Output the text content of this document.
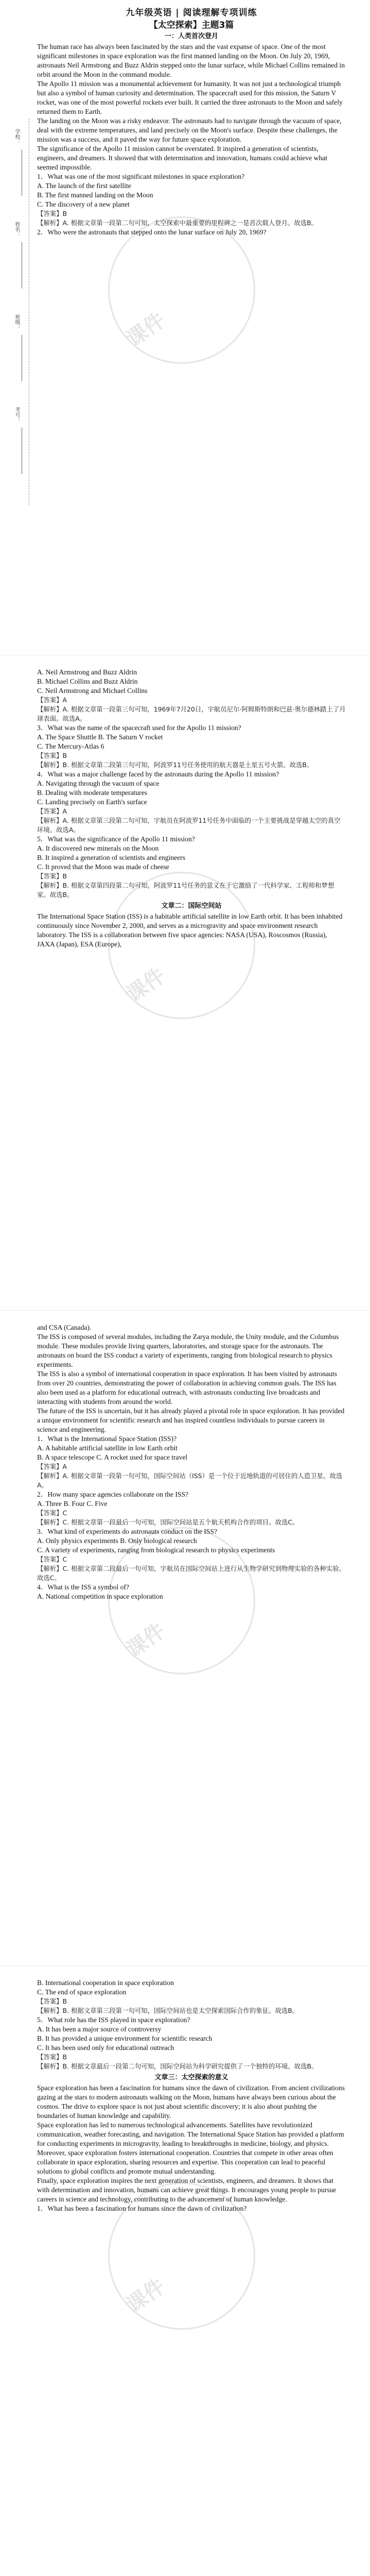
课件
学校：
姓名：
班级：
考号：
九年级英语 | 阅读理解专项训练
【太空探索】主题3篇
一：人类首次登月

The human race has always been fascinated by the stars and the vast expanse of space. One of the most significant milestones in space exploration was the first manned landing on the Moon. On July 20, 1969, astronauts Neil Armstrong and Buzz Aldrin stepped onto the lunar surface, while Michael Collins remained in orbit around the Moon in the command module.

The Apollo 11 mission was a monumental achievement for humanity. It was not just a technological triumph but also a symbol of human curiosity and determination. The spacecraft used for this mission, the Saturn V rocket, was one of the most powerful rockets ever built. It carried the three astronauts to the Moon and safely returned them to Earth.

The landing on the Moon was a risky endeavor. The astronauts had to navigate through the vacuum of space, deal with the extreme temperatures, and land precisely on the Moon's surface. Despite these challenges, the mission was a success, and it paved the way for future space exploration.

The significance of the Apollo 11 mission cannot be overstated. It inspired a generation of scientists, engineers, and dreamers. It showed that with determination and innovation, humans could achieve what seemed impossible.

1．What was one of the most significant milestones in space exploration?

A. The launch of the first satellite

B. The first manned landing on the Moon

C. The discovery of a new planet

【答案】B

【解析】A. 根据文章第一段第二句可知，太空探索中最重要的里程碑之一是首次载人登月。故选B。

2．Who were the astronauts that stepped onto the lunar surface on July 20, 1969?

课件

A. Neil Armstrong and Buzz Aldrin

B. Michael Collins and Buzz Aldrin

C. Neil Armstrong and Michael Collins

【答案】A

【解析】A. 根据文章第一段第三句可知，1969年7月20日，宇航员尼尔·阿姆斯特朗和巴兹·奥尔德林踏上了月球表面。故选A。

3．What was the name of the spacecraft used for the Apollo 11 mission?

A. The Space Shuttle B. The Saturn V rocket

C. The Mercury-Atlas 6

【答案】B

【解析】B. 根据文章第二段第三句可知，阿波罗11号任务使用的航天器是土星五号火箭。故选B。

4．What was a major challenge faced by the astronauts during the Apollo 11 mission?

A. Navigating through the vacuum of space

B. Dealing with moderate temperatures

C. Landing precisely on Earth's surface

【答案】A

【解析】A. 根据文章第三段第二句可知，宇航员在阿波罗11号任务中面临的一个主要挑战是穿越太空的真空环境。故选A。

5．What was the significance of the Apollo 11 mission?

A. It discovered new minerals on the Moon

B. It inspired a generation of scientists and engineers

C. It proved that the Moon was made of cheese

【答案】B

【解析】B. 根据文章第四段第二句可知，阿波罗11号任务的意义在于它激励了一代科学家、工程师和梦想家。故选B。

文章二：国际空间站

The International Space Station (ISS) is a habitable artificial satellite in low Earth orbit. It has been inhabited continuously since November 2, 2000, and serves as a microgravity and space environment research laboratory. The ISS is a collaboration between five space agencies: NASA (USA), Roscosmos (Russia), JAXA (Japan), ESA (Europe),

课件

and CSA (Canada).

The ISS is composed of several modules, including the Zarya module, the Unity module, and the Columbus module. These modules provide living quarters, laboratories, and storage space for the astronauts. The astronauts on board the ISS conduct a variety of experiments, ranging from biological research to physics experiments.

The ISS is also a symbol of international cooperation in space exploration. It has been visited by astronauts from over 20 countries, demonstrating the power of collaboration in achieving common goals. The ISS has also been used as a platform for educational outreach, with astronauts conducting live broadcasts and interacting with students from around the world.

The future of the ISS is uncertain, but it has already played a pivotal role in space exploration. It has provided a unique environment for scientific research and has inspired countless individuals to pursue careers in science and engineering.

1．What is the International Space Station (ISS)?

A. A habitable artificial satellite in low Earth orbit

B. A space telescope C. A rocket used for space travel

【答案】A

【解析】A. 根据文章第一段第一句可知，国际空间站（ISS）是一个位于近地轨道的可居住的人造卫星。故选A。

2．How many space agencies collaborate on the ISS?

A. Three B. Four C. Five

【答案】C

【解析】C. 根据文章第一段最后一句可知，国际空间站是五个航天机构合作的项目。故选C。

3．What kind of experiments do astronauts conduct on the ISS?

A. Only physics experiments B. Only biological research

C. A variety of experiments, ranging from biological research to physics experiments

【答案】C

【解析】C. 根据文章第二段最后一句可知，宇航员在国际空间站上进行从生物学研究到物理实验的各种实验。故选C。

4．What is the ISS a symbol of?

A. National competition in space exploration

课件

B. International cooperation in space exploration

C. The end of space exploration

【答案】B

【解析】B. 根据文章第三段第一句可知，国际空间站也是太空探索国际合作的象征。故选B。

5．What role has the ISS played in space exploration?

A. It has been a major source of controversy

B. It has provided a unique environment for scientific research

C. It has been used only for educational outreach

【答案】B

【解析】B. 根据文章最后一段第二句可知，国际空间站为科学研究提供了一个独特的环境。故选B。

文章三：太空探索的意义

Space exploration has been a fascination for humans since the dawn of civilization. From ancient civilizations gazing at the stars to modern astronauts walking on the Moon, humans have always been curious about the cosmos. The drive to explore space is not just about scientific discovery; it is also about pushing the boundaries of human knowledge and capability.

Space exploration has led to numerous technological advancements. Satellites have revolutionized communication, weather forecasting, and navigation. The International Space Station has provided a platform for conducting experiments in microgravity, leading to breakthroughs in medicine, biology, and physics.

Moreover, space exploration fosters international cooperation. Countries that compete in other areas often collaborate in space exploration, sharing resources and expertise. This cooperation can lead to peaceful solutions to global conflicts and promote mutual understanding.

Finally, space exploration inspires the next generation of scientists, engineers, and dreamers. It shows that with determination and innovation, humans can achieve great things. It encourages young people to pursue careers in science and technology, contributing to the advancement of human knowledge.

1．What has been a fascination for humans since the dawn of civilization?
